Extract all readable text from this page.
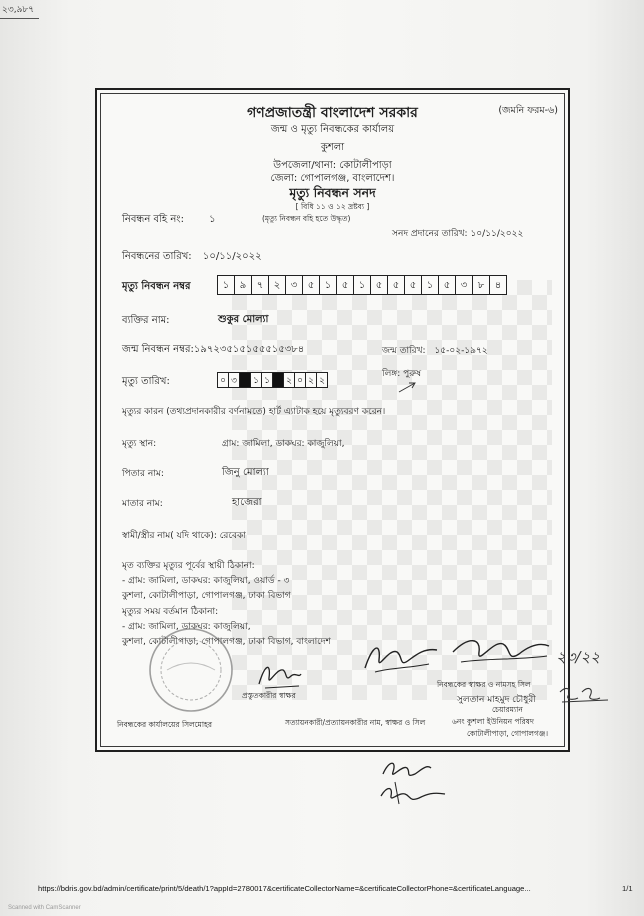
২৩,৯৮৭
গণপ্রজাতন্ত্রী বাংলাদেশ সরকার	(জমনি ফরম-৬)
জন্ম ও মৃত্যু নিবন্ধকের কার্যালয়
কুশলা
উপজেলা/থানা: কোটালীপাড়া
জেলা: গোপালগঞ্জ, বাংলাদেশ।
মৃত্যু নিবন্ধন সনদ
[ বিধি ১১ ও ১২ দ্রষ্টব্য ]
(মৃত্যু নিবন্ধন বহি হতে উদ্ধৃত)
নিবন্ধন বহি নং:	১
সনদ প্রদানের তারিখ: ১০/১১/২০২২
নিবন্ধনের তারিখ: ১০/১১/২০২২
মৃত্যু নিবন্ধন নম্বর	১	৯	৭	২	৩	৫	১	৫	১	৫	৫	৫	১	৫	৩	৮	৪
ব্যক্তির নাম:	শুকুর মোল্যা
জন্ম নিবন্ধন নম্বর:১৯৭২৩৫১৫১৫৫৫১৫৩৮৪	জন্ম তারিখ: ১৫-০২-১৯৭২
মৃত্যু তারিখ:	০ ৩	১ ১	২ ০ ২ ২
লিঙ্গ: পুরুষ
মৃত্যুর কারন (তথ্যপ্রদানকারীর বর্ণনামতে) হার্ট এ্যাটাক হয়ে মৃত্যুবরণ করেন।
মৃত্যু স্থান:	গ্রাম: জামিলা, ডাকঘর: কাজুলিয়া,
পিতার নাম:	জিনু মোল্যা
মাতার নাম:	হাজেরা
স্বামী/স্ত্রীর নাম( যদি থাকে): রেবেকা
মৃত ব্যক্তির মৃত্যুর পূর্বের স্থায়ী ঠিকানা:
- গ্রাম: জামিলা, ডাকঘর: কাজুলিয়া, ওয়ার্ড - ৩
কুশলা, কোটালীপাড়া, গোপালগঞ্জ, ঢাকা বিভাগ
মৃত্যুর সময় বর্তমান ঠিকানা:
- গ্রাম: জামিলা, ডাকঘর: কাজুলিয়া,
কুশলা, কোটালীপাড়া, গোপালগঞ্জ, ঢাকা বিভাগ, বাংলাদেশ
প্রস্তুতকারীর স্বাক্ষর
নিবন্ধকের স্বাক্ষর ও নামসহ সিল
সুলতান মাহমুদ চৌধুরী
চেয়ারম্যান
৬নং কুশলা ইউনিয়ন পরিষদ
কোটালীপাড়া, গোপালগঞ্জ।
নিবন্ধকের কার্যালয়ের সিলমোহর	সত্যায়নকারী/প্রত্যায়নকারীর নাম, স্বাক্ষর ও সিল
২৩/২২
https://bdris.gov.bd/admin/certificate/print/5/death/1?appId=2780017&certificateCollectorName=&certificateCollectorPhone=&certificateLanguage...	1/1
Scanned with CamScanner
